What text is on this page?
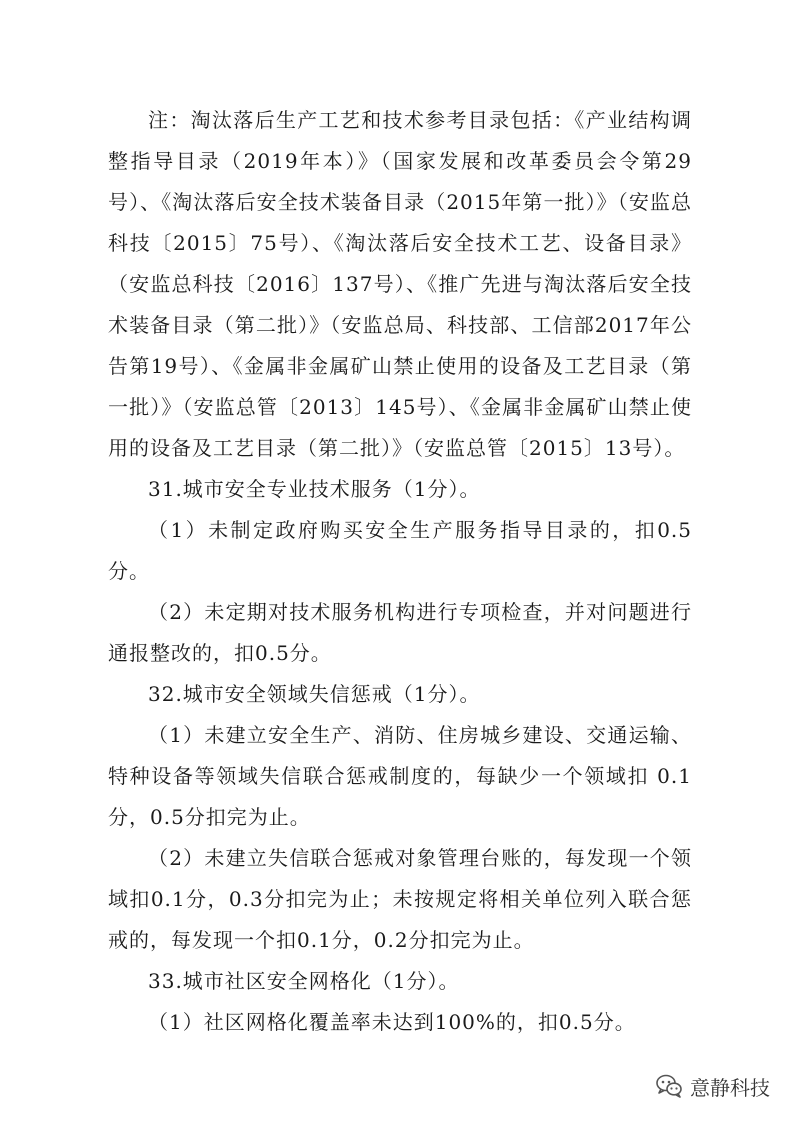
注：淘汰落后生产工艺和技术参考目录包括：《产业结构调整指导目录（2019年本）》（国家发展和改革委员会令第29号）、《淘汰落后安全技术装备目录（2015年第一批）》（安监总科技〔2015〕75号）、《淘汰落后安全技术工艺、设备目录》（安监总科技〔2016〕137号）、《推广先进与淘汰落后安全技术装备目录（第二批）》（安监总局、科技部、工信部2017年公告第19号）、《金属非金属矿山禁止使用的设备及工艺目录（第一批）》（安监总管〔2013〕145号）、《金属非金属矿山禁止使用的设备及工艺目录（第二批）》（安监总管〔2015〕13号）。

31.城市安全专业技术服务（1分）。

（1）未制定政府购买安全生产服务指导目录的，扣0.5分。

（2）未定期对技术服务机构进行专项检查，并对问题进行通报整改的，扣0.5分。

32.城市安全领域失信惩戒（1分）。

（1）未建立安全生产、消防、住房城乡建设、交通运输、特种设备等领域失信联合惩戒制度的，每缺少一个领域扣 0.1 分，0.5分扣完为止。

（2）未建立失信联合惩戒对象管理台账的，每发现一个领域扣0.1分，0.3分扣完为止；未按规定将相关单位列入联合惩戒的，每发现一个扣0.1分，0.2分扣完为止。

33.城市社区安全网格化（1分）。

（1）社区网格化覆盖率未达到100%的，扣0.5分。

意静科技
